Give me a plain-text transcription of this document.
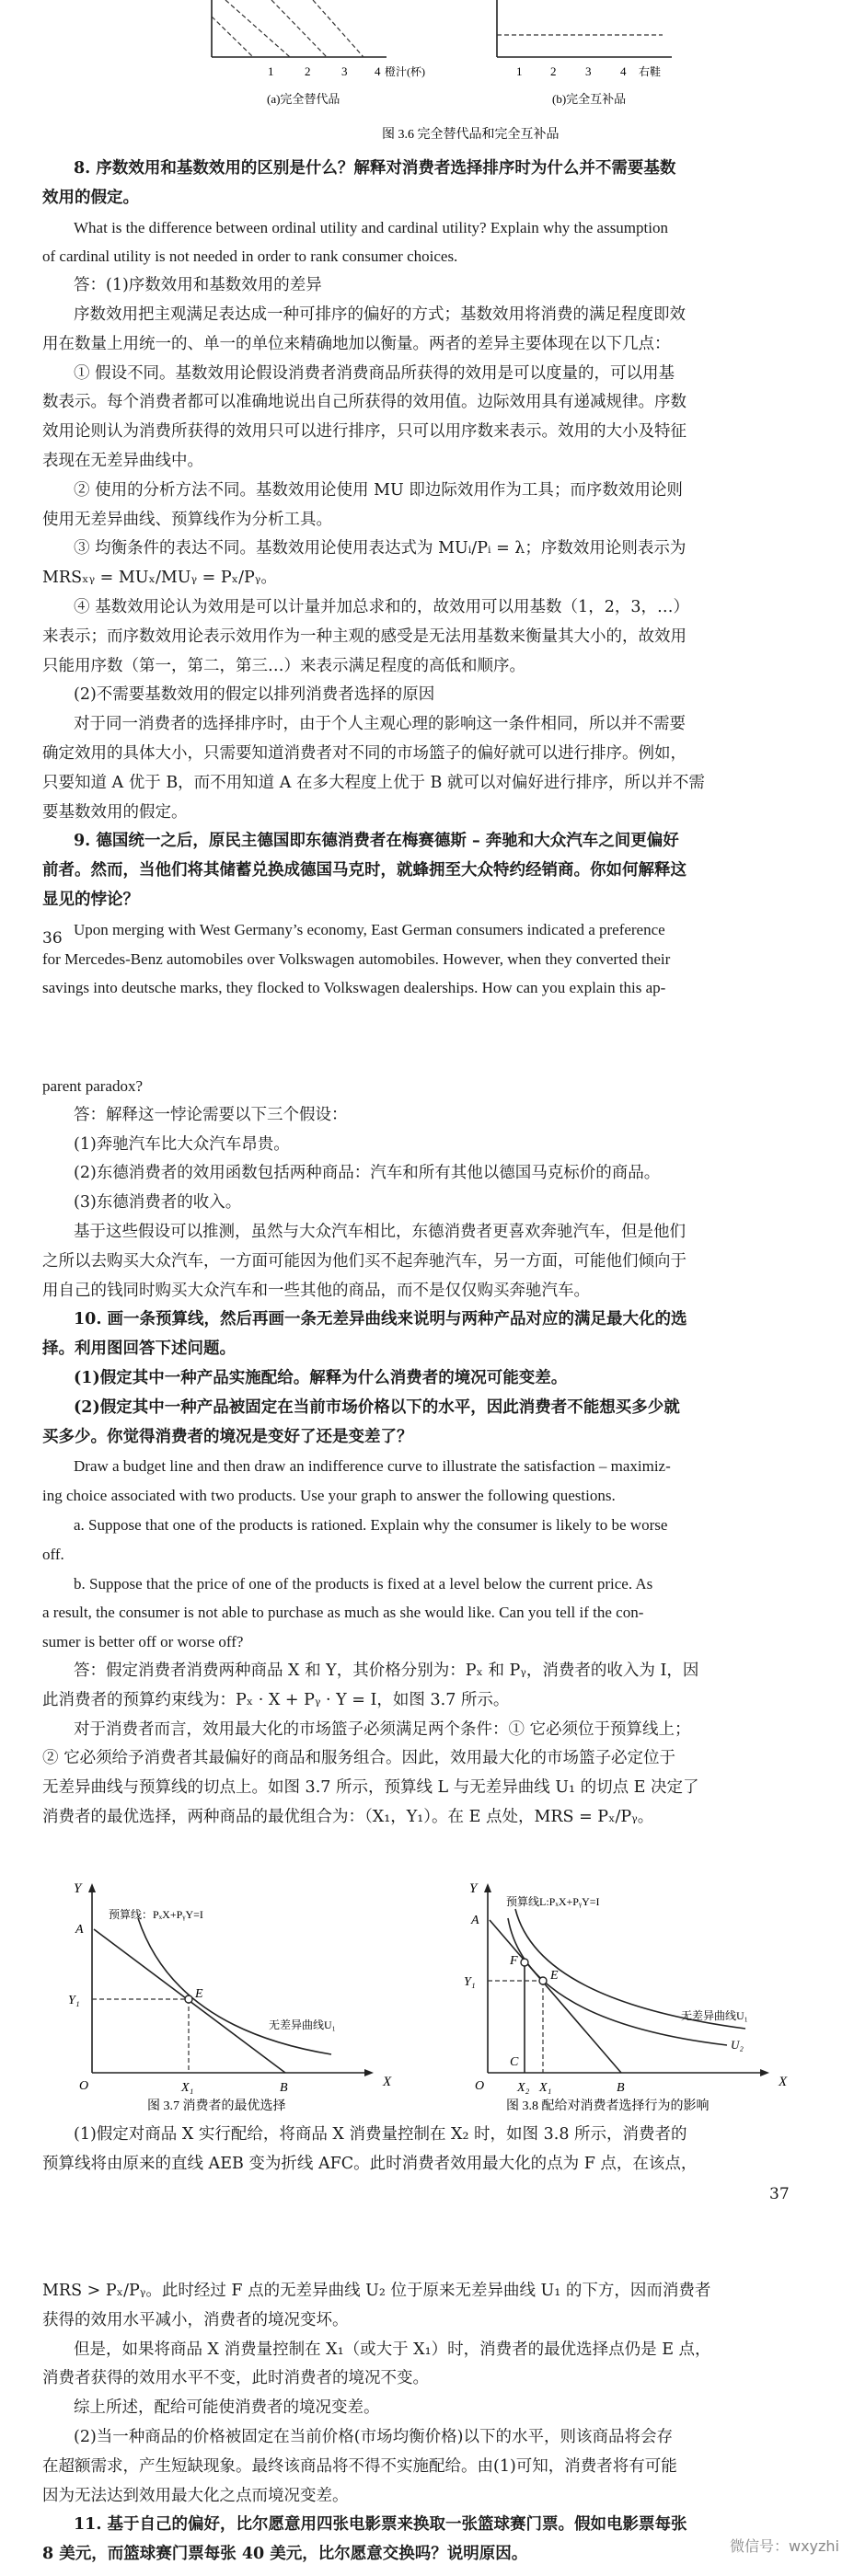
1	2	3 4 橙汁(杯)
(a)完全替代品
1 2 3 4 右鞋
(b)完全互补品
图 3.6 完全替代品和完全互补品
8. 序数效用和基数效用的区别是什么？解释对消费者选择排序时为什么并不需要基数
效用的假定。
What is the difference between ordinal utility and cardinal utility? Explain why the assumption
of cardinal utility is not needed in order to rank consumer choices.
答：(1)序数效用和基数效用的差异
序数效用把主观满足表达成一种可排序的偏好的方式；基数效用将消费的满足程度即效
用在数量上用统一的、单一的单位来精确地加以衡量。两者的差异主要体现在以下几点：
① 假设不同。基数效用论假设消费者消费商品所获得的效用是可以度量的，可以用基
数表示。每个消费者都可以准确地说出自己所获得的效用值。边际效用具有递减规律。序数
效用论则认为消费所获得的效用只可以进行排序，只可以用序数来表示。效用的大小及特征
表现在无差异曲线中。
② 使用的分析方法不同。基数效用论使用 MU 即边际效用作为工具；而序数效用论则
使用无差异曲线、预算线作为分析工具。
③ 均衡条件的表达不同。基数效用论使用表达式为 MUᵢ/Pᵢ = λ；序数效用论则表示为
MRSₓᵧ = MUₓ/MUᵧ = Pₓ/Pᵧ。
④ 基数效用论认为效用是可以计量并加总求和的，故效用可以用基数（1，2，3，…）
来表示；而序数效用论表示效用作为一种主观的感受是无法用基数来衡量其大小的，故效用
只能用序数（第一，第二，第三…）来表示满足程度的高低和顺序。
(2)不需要基数效用的假定以排列消费者选择的原因
对于同一消费者的选择排序时，由于个人主观心理的影响这一条件相同，所以并不需要
确定效用的具体大小，只需要知道消费者对不同的市场篮子的偏好就可以进行排序。例如，
只要知道 A 优于 B，而不用知道 A 在多大程度上优于 B 就可以对偏好进行排序，所以并不需
要基数效用的假定。
9. 德国统一之后，原民主德国即东德消费者在梅赛德斯 – 奔驰和大众汽车之间更偏好
前者。然而，当他们将其储蓄兑换成德国马克时，就蜂拥至大众特约经销商。你如何解释这
显见的悖论？
Upon merging with West Germany’s economy, East German consumers indicated a preference
for Mercedes-Benz automobiles over Volkswagen automobiles. However, when they converted their
savings into deutsche marks, they flocked to Volkswagen dealerships. How can you explain this ap-
36
parent paradox?
答：解释这一悖论需要以下三个假设：
(1)奔驰汽车比大众汽车昂贵。
(2)东德消费者的效用函数包括两种商品：汽车和所有其他以德国马克标价的商品。
(3)东德消费者的收入。
基于这些假设可以推测，虽然与大众汽车相比，东德消费者更喜欢奔驰汽车，但是他们
之所以去购买大众汽车，一方面可能因为他们买不起奔驰汽车，另一方面，可能他们倾向于
用自己的钱同时购买大众汽车和一些其他的商品，而不是仅仅购买奔驰汽车。
10. 画一条预算线，然后再画一条无差异曲线来说明与两种产品对应的满足最大化的选
择。利用图回答下述问题。
(1)假定其中一种产品实施配给。解释为什么消费者的境况可能变差。
(2)假定其中一种产品被固定在当前市场价格以下的水平，因此消费者不能想买多少就
买多少。你觉得消费者的境况是变好了还是变差了？
Draw a budget line and then draw an indifference curve to illustrate the satisfaction – maximiz-
ing choice associated with two products. Use your graph to answer the following questions.
a. Suppose that one of the products is rationed. Explain why the consumer is likely to be worse
off.
b. Suppose that the price of one of the products is fixed at a level below the current price. As
a result, the consumer is not able to purchase as much as she would like. Can you tell if the con-
sumer is better off or worse off?
答：假定消费者消费两种商品 X 和 Y，其价格分别为：Pₓ 和 Pᵧ，消费者的收入为 I，因
此消费者的预算约束线为：Pₓ · X + Pᵧ · Y = I，如图 3.7 所示。
对于消费者而言，效用最大化的市场篮子必须满足两个条件：① 它必须位于预算线上；
② 它必须给予消费者其最偏好的商品和服务组合。因此，效用最大化的市场篮子必定位于
无差异曲线与预算线的切点上。如图 3.7 所示，预算线 L 与无差异曲线 U₁ 的切点 E 决定了
消费者的最优选择，两种商品的最优组合为：（X₁，Y₁）。在 E 点处，MRS = Pₓ/Pᵧ。
Y
X
A
B
E
X₁
Y₁
O
预算线：PₓX+PᵧY=I
无差异曲线U₁
图 3.7 消费者的最优选择
Y
X
A
B
E
F
C
X₂ X₁
Y₁
O
预算线L:PₓX+PᵧY=I
无差异曲线U₁
U₂
图 3.8 配给对消费者选择行为的影响
(1)假定对商品 X 实行配给，将商品 X 消费量控制在 X₂ 时，如图 3.8 所示，消费者的
预算线将由原来的直线 AEB 变为折线 AFC。此时消费者效用最大化的点为 F 点，在该点，
37
MRS > Pₓ/Pᵧ。此时经过 F 点的无差异曲线 U₂ 位于原来无差异曲线 U₁ 的下方，因而消费者
获得的效用水平减小，消费者的境况变坏。
但是，如果将商品 X 消费量控制在 X₁（或大于 X₁）时，消费者的最优选择点仍是 E 点，
消费者获得的效用水平不变，此时消费者的境况不变。
综上所述，配给可能使消费者的境况变差。
(2)当一种商品的价格被固定在当前价格(市场均衡价格)以下的水平，则该商品将会存
在超额需求，产生短缺现象。最终该商品将不得不实施配给。由(1)可知，消费者将有可能
因为无法达到效用最大化之点而境况变差。
11. 基于自己的偏好，比尔愿意用四张电影票来换取一张篮球赛门票。假如电影票每张
8 美元，而篮球赛门票每张 40 美元，比尔愿意交换吗？说明原因。	微信号：wxyzhi
